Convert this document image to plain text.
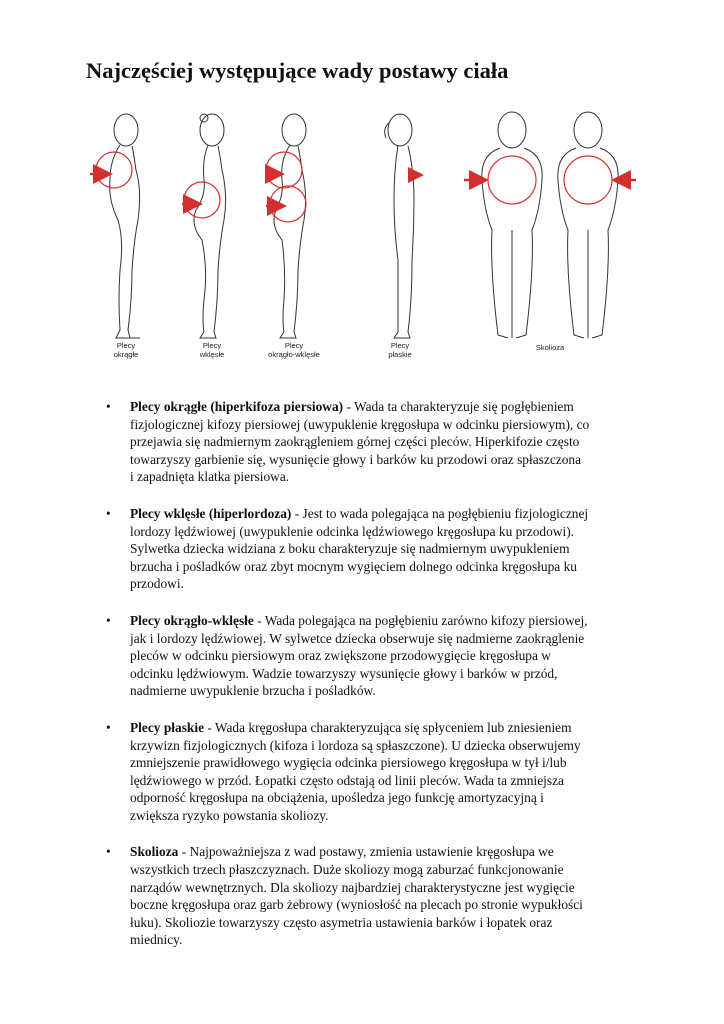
Najczęściej występujące wady postawy ciała
Plecy
okrągłe
Plecy
wklęsłe
Plecy
okrągło-wklęsłe
Plecy
płaskie
Skolioza
• Plecy okrągłe (hiperkifoza piersiowa) - Wada ta charakteryzuje się pogłębieniem
fizjologicznej kifozy piersiowej (uwypuklenie kręgosłupa w odcinku piersiowym), co
przejawia się nadmiernym zaokrągleniem górnej części pleców. Hiperkifozie często
towarzyszy garbienie się, wysunięcie głowy i barków ku przodowi oraz spłaszczona
i zapadnięta klatka piersiowa.
• Plecy wklęsłe (hiperlordoza) - Jest to wada polegająca na pogłębieniu fizjologicznej
lordozy lędźwiowej (uwypuklenie odcinka lędźwiowego kręgosłupa ku przodowi).
Sylwetka dziecka widziana z boku charakteryzuje się nadmiernym uwypukleniem
brzucha i pośladków oraz zbyt mocnym wygięciem dolnego odcinka kręgosłupa ku
przodowi.
• Plecy okrągło-wklęsłe - Wada polegająca na pogłębieniu zarówno kifozy piersiowej,
jak i lordozy lędźwiowej. W sylwetce dziecka obserwuje się nadmierne zaokrąglenie
pleców w odcinku piersiowym oraz zwiększone przodowygięcie kręgosłupa w
odcinku lędźwiowym. Wadzie towarzyszy wysunięcie głowy i barków w przód,
nadmierne uwypuklenie brzucha i pośladków.
• Plecy płaskie - Wada kręgosłupa charakteryzująca się spłyceniem lub zniesieniem
krzywizn fizjologicznych (kifoza i lordoza są spłaszczone). U dziecka obserwujemy
zmniejszenie prawidłowego wygięcia odcinka piersiowego kręgosłupa w tył i/lub
lędźwiowego w przód. Łopatki często odstają od linii pleców. Wada ta zmniejsza
odporność kręgosłupa na obciążenia, upośledza jego funkcję amortyzacyjną i
zwiększa ryzyko powstania skoliozy.
• Skolioza - Najpoważniejsza z wad postawy, zmienia ustawienie kręgosłupa we
wszystkich trzech płaszczyznach. Duże skoliozy mogą zaburzać funkcjonowanie
narządów wewnętrznych. Dla skoliozy najbardziej charakterystyczne jest wygięcie
boczne kręgosłupa oraz garb żebrowy (wyniosłość na plecach po stronie wypukłości
łuku). Skoliozie towarzyszy często asymetria ustawienia barków i łopatek oraz
miednicy.
